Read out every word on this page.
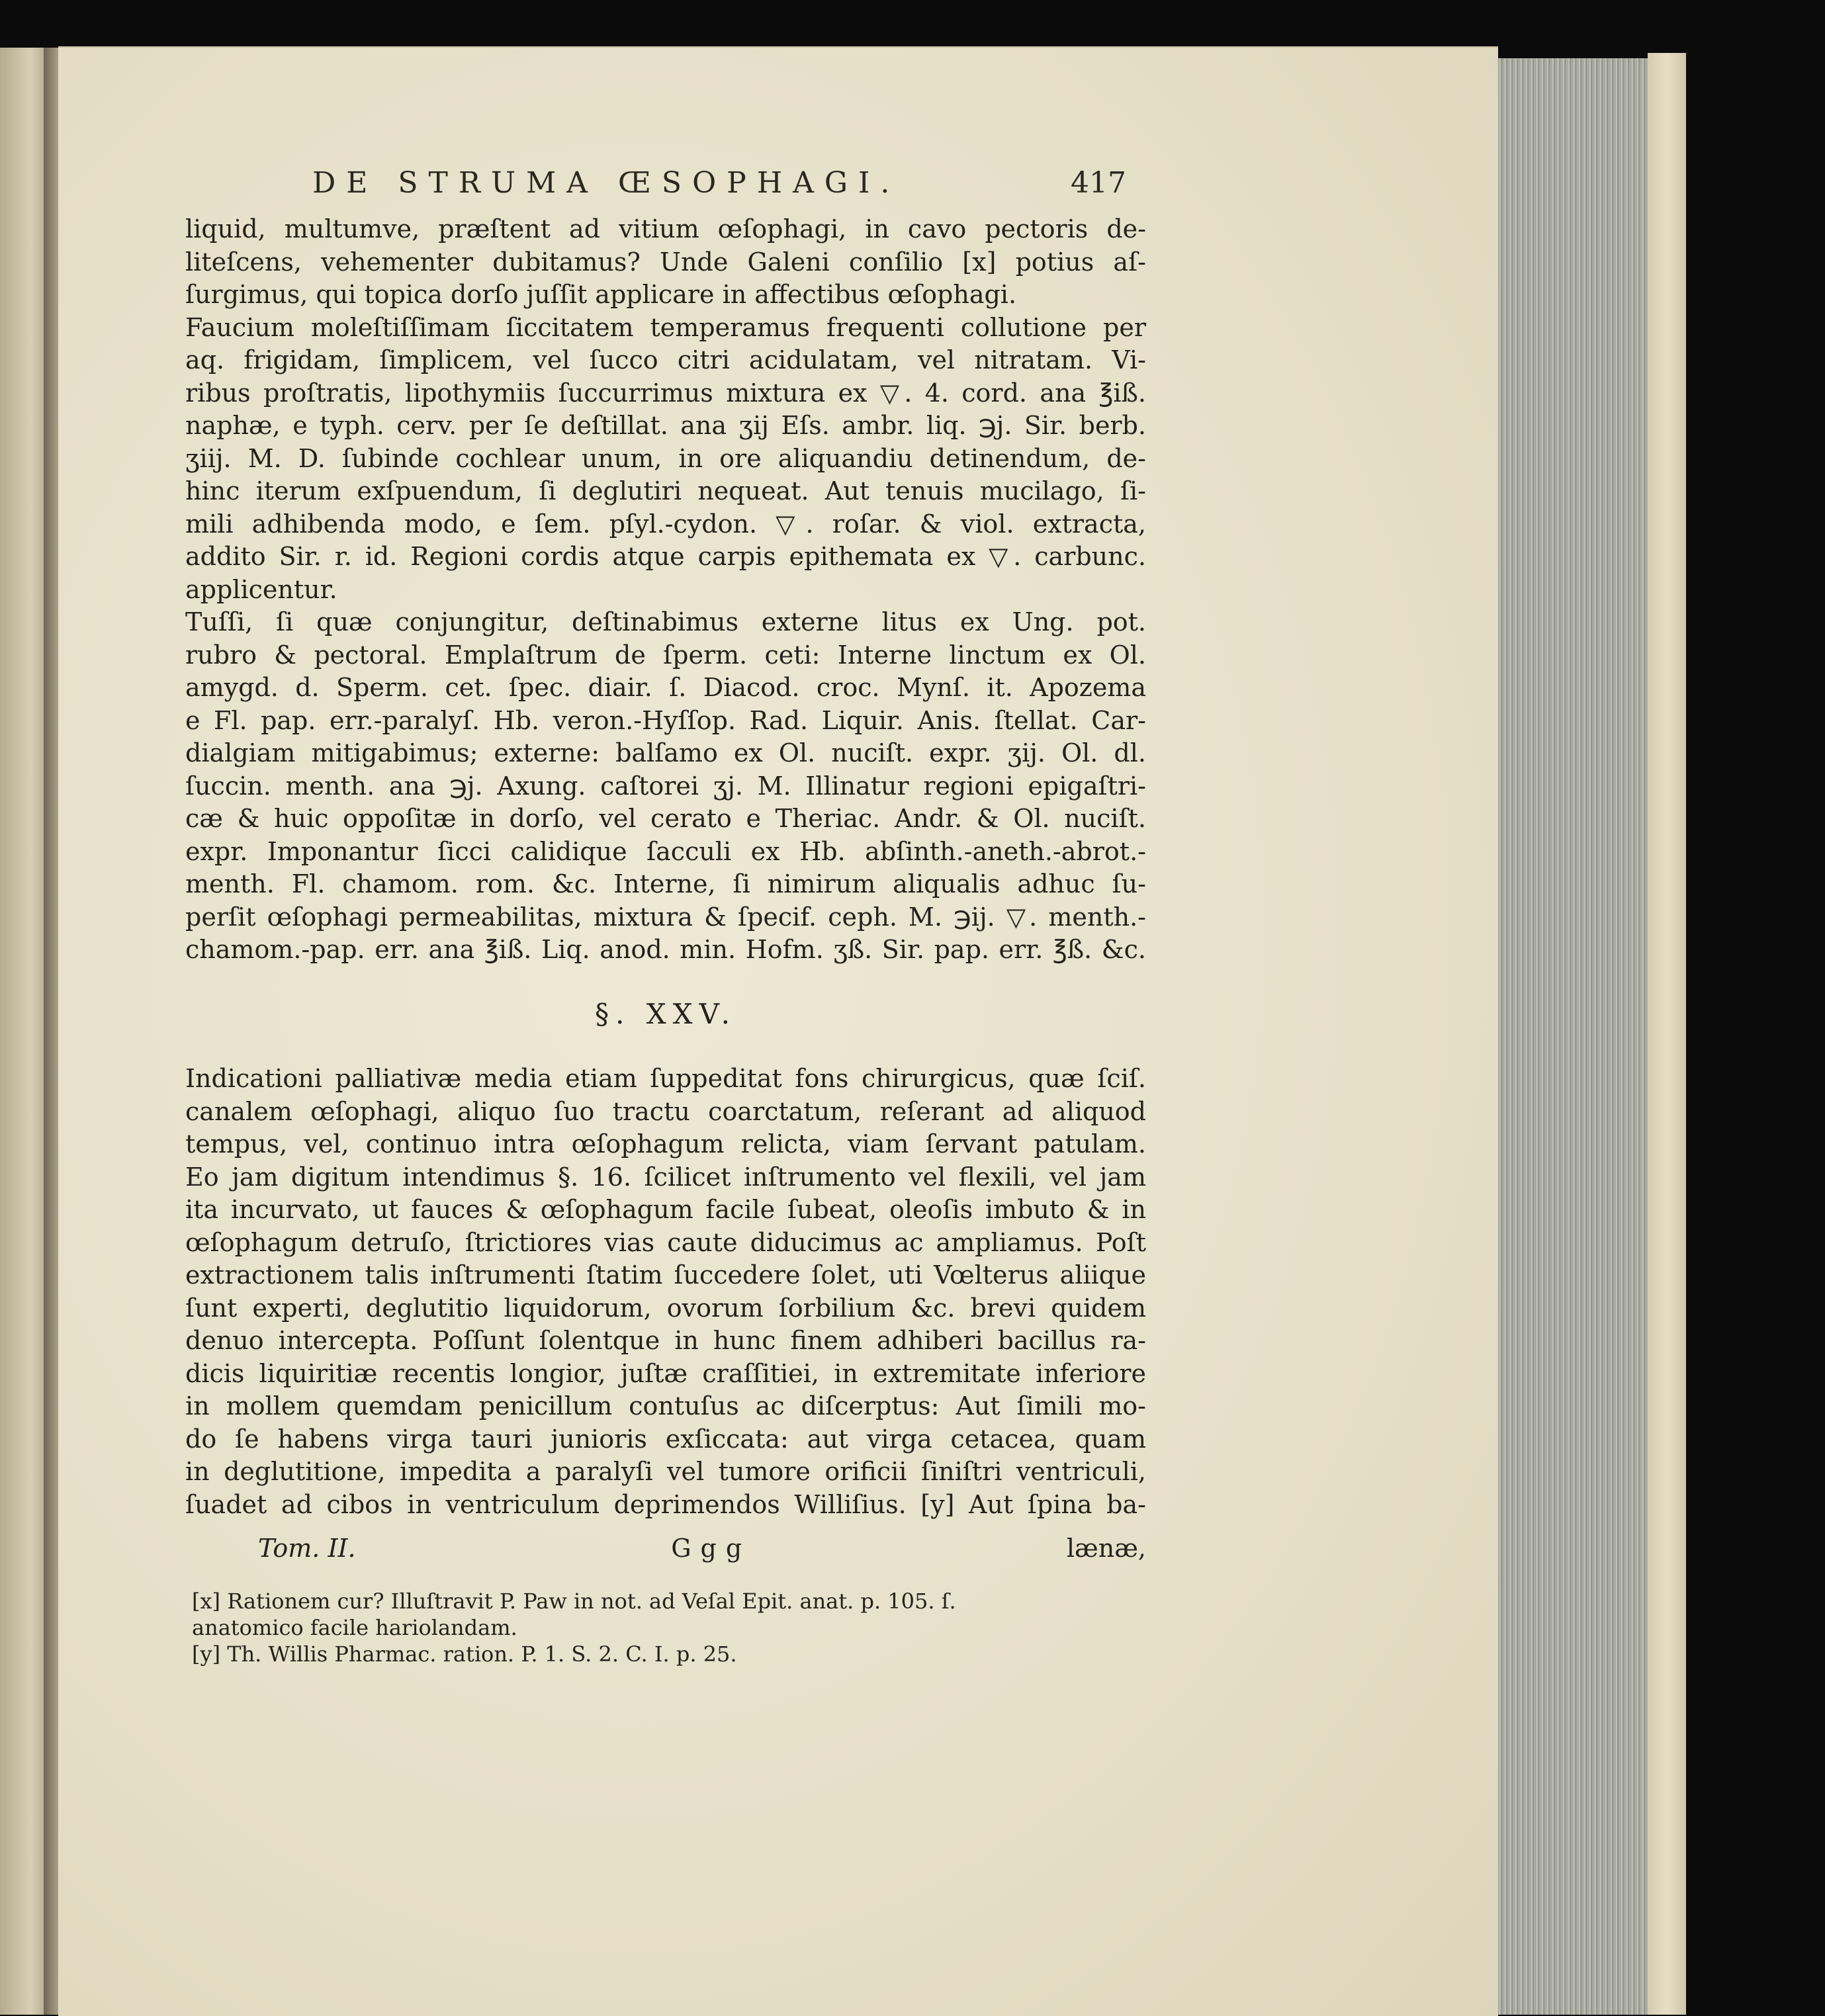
DE STRUMA ŒSOPHAGI.	417
liquid, multumve, præſtent ad vitium œſophagi, in cavo pectoris de-
liteſcens, vehementer dubitamus? Unde Galeni conſilio [x] potius aſ-
ſurgimus, qui topica dorſo juſſit applicare in affectibus œſophagi.
Faucium moleſtiſſimam ſiccitatem temperamus frequenti collutione per
aq. frigidam, ſimplicem, vel ſucco citri acidulatam, vel nitratam. Vi-
ribus proſtratis, lipothymiis ſuccurrimus mixtura ex ▽. 4. cord. ana ℥iß.
naphæ, e typh. cerv. per ſe deſtillat. ana ʒij Eſs. ambr. liq. ℈j. Sir. berb.
ʒiij. M. D. ſubinde cochlear unum, in ore aliquandiu detinendum, de-
hinc iterum exſpuendum, ſi deglutiri nequeat. Aut tenuis mucilago, ſi-
mili adhibenda modo, e ſem. pſyl.-cydon. ▽. roſar. & viol. extracta,
addito Sir. r. id. Regioni cordis atque carpis epithemata ex ▽. carbunc.
applicentur.
Tuſſi, ſi quæ conjungitur, deſtinabimus externe litus ex Ung. pot.
rubro & pectoral. Emplaſtrum de ſperm. ceti: Interne linctum ex Ol.
amygd. d. Sperm. cet. ſpec. diair. ſ. Diacod. croc. Mynſ. it. Apozema
e Fl. pap. err.-paralyſ. Hb. veron.-Hyſſop. Rad. Liquir. Anis. ſtellat. Car-
dialgiam mitigabimus; externe: balſamo ex Ol. nuciſt. expr. ʒij. Ol. dl.
ſuccin. menth. ana ℈j. Axung. caſtorei ʒj. M. Illinatur regioni epigaſtri-
cæ & huic oppoſitæ in dorſo, vel cerato e Theriac. Andr. & Ol. nuciſt.
expr. Imponantur ſicci calidique ſacculi ex Hb. abſinth.-aneth.-abrot.-
menth. Fl. chamom. rom. &c. Interne, ſi nimirum aliqualis adhuc ſu-
perſit œſophagi permeabilitas, mixtura & ſpecif. ceph. M. ℈ij. ▽. menth.-
chamom.-pap. err. ana ℥iß. Liq. anod. min. Hofm. ʒß. Sir. pap. err. ℥ß. &c.
§. XXV.
Indicationi palliativæ media etiam ſuppeditat fons chirurgicus, quæ ſciſ.
canalem œſophagi, aliquo ſuo tractu coarctatum, reſerant ad aliquod
tempus, vel, continuo intra œſophagum relicta, viam ſervant patulam.
Eo jam digitum intendimus §. 16. ſcilicet inſtrumento vel flexili, vel jam
ita incurvato, ut fauces & œſophagum facile ſubeat, oleoſis imbuto & in
œſophagum detruſo, ſtrictiores vias caute diducimus ac ampliamus. Poſt
extractionem talis inſtrumenti ſtatim ſuccedere ſolet, uti Vœlterus aliique
ſunt experti, deglutitio liquidorum, ovorum ſorbilium &c. brevi quidem
denuo intercepta. Poſſunt ſolentque in hunc finem adhiberi bacillus ra-
dicis liquiritiæ recentis longior, juſtæ craſſitiei, in extremitate inferiore
in mollem quemdam penicillum contuſus ac diſcerptus: Aut ſimili mo-
do ſe habens virga tauri junioris exſiccata: aut virga cetacea, quam
in deglutitione, impedita a paralyſi vel tumore orificii ſiniſtri ventriculi,
ſuadet ad cibos in ventriculum deprimendos Williſius. [y] Aut ſpina ba-
Tom. II.	Ggg	lænæ,
[x] Rationem cur? Illuſtravit P. Paw in not. ad Veſal Epit. anat. p. 105. ſ.
anatomico facile hariolandam.
[y] Th. Willis Pharmac. ration. P. 1. S. 2. C. I. p. 25.
